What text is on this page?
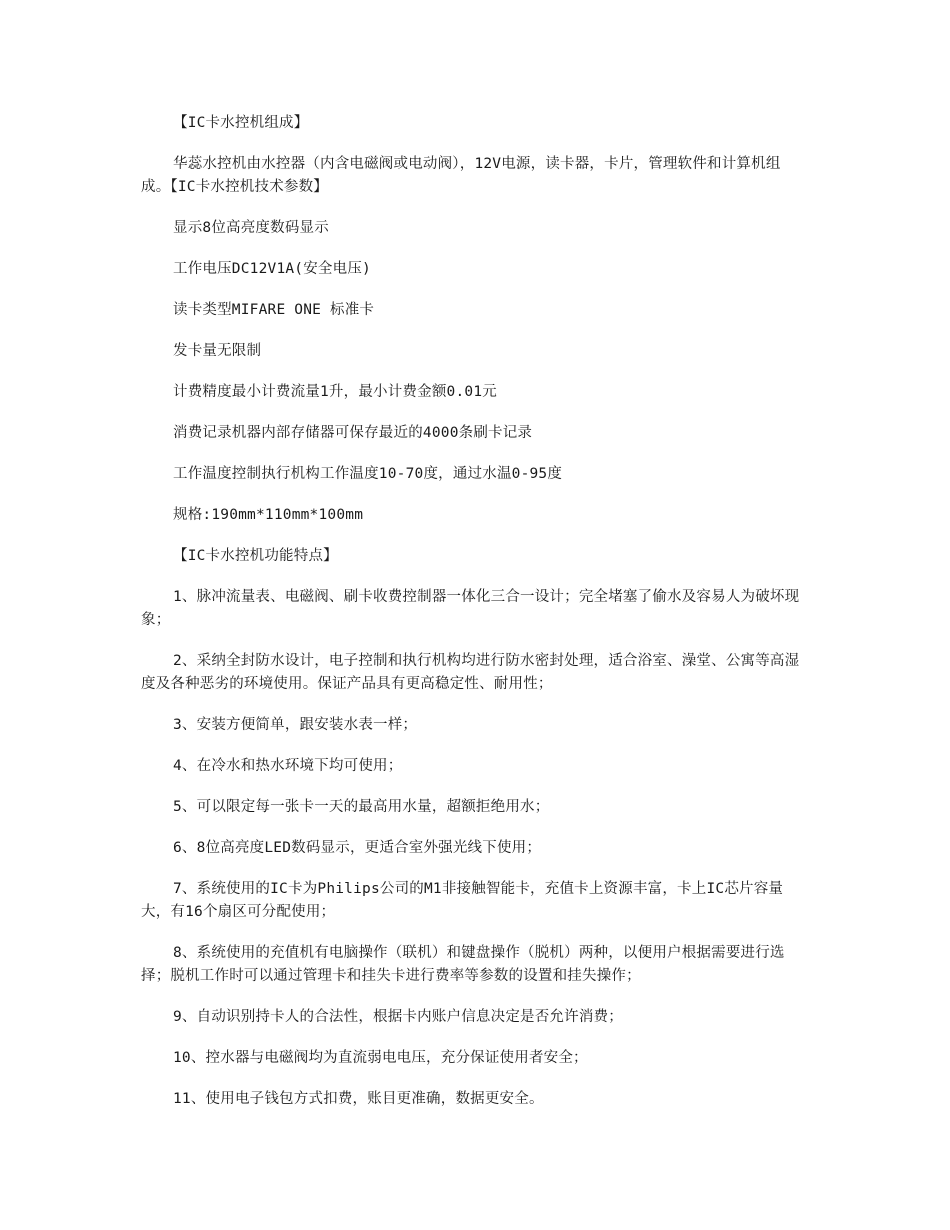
【IC卡水控机组成】

华蕊水控机由水控器（内含电磁阀或电动阀），12V电源，读卡器，卡片，管理软件和计算机组成。【IC卡水控机技术参数】

显示8位高亮度数码显示

工作电压DC12V1A(安全电压)

读卡类型MIFARE ONE 标准卡

发卡量无限制

计费精度最小计费流量1升，最小计费金额0.01元

消费记录机器内部存储器可保存最近的4000条刷卡记录

工作温度控制执行机构工作温度10-70度，通过水温0-95度

规格:190mm*110mm*100mm

【IC卡水控机功能特点】

1、脉冲流量表、电磁阀、刷卡收费控制器一体化三合一设计；完全堵塞了偷水及容易人为破坏现象；

2、采纳全封防水设计，电子控制和执行机构均进行防水密封处理，适合浴室、澡堂、公寓等高湿度及各种恶劣的环境使用。保证产品具有更高稳定性、耐用性；

3、安装方便简单，跟安装水表一样；

4、在冷水和热水环境下均可使用；

5、可以限定每一张卡一天的最高用水量，超额拒绝用水；

6、8位高亮度LED数码显示，更适合室外强光线下使用；

7、系统使用的IC卡为Philips公司的M1非接触智能卡，充值卡上资源丰富，卡上IC芯片容量大，有16个扇区可分配使用；

8、系统使用的充值机有电脑操作（联机）和键盘操作（脱机）两种，以便用户根据需要进行选择；脱机工作时可以通过管理卡和挂失卡进行费率等参数的设置和挂失操作；

9、自动识别持卡人的合法性，根据卡内账户信息决定是否允许消费；

10、控水器与电磁阀均为直流弱电电压，充分保证使用者安全；

11、使用电子钱包方式扣费，账目更准确，数据更安全。
